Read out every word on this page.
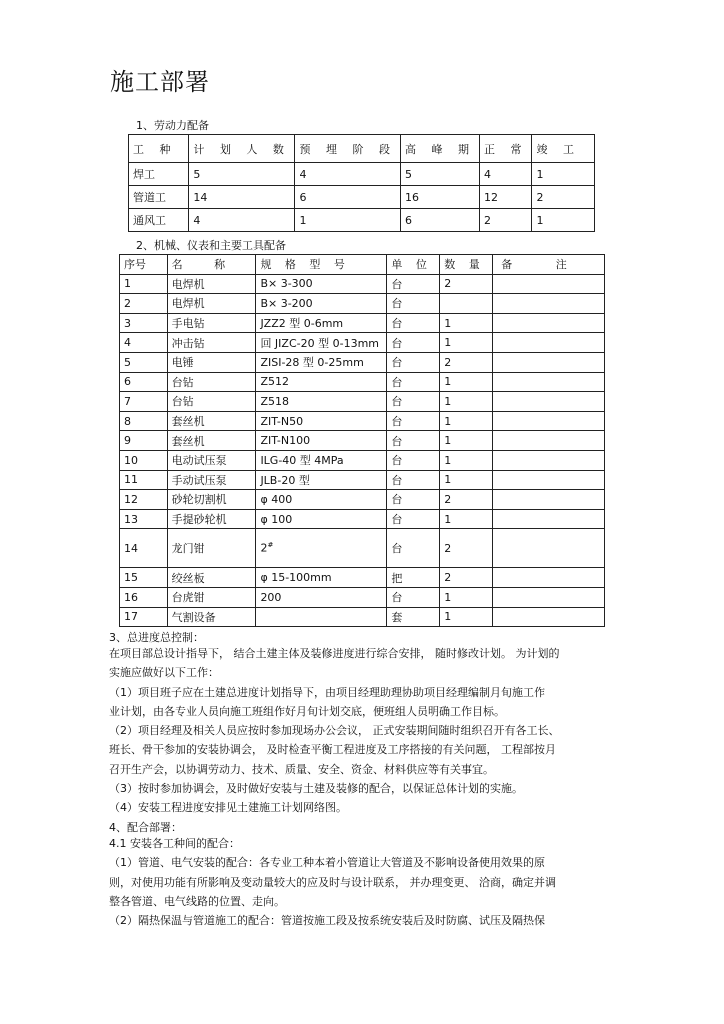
施工部署
1、劳动力配备
工 种	计 划 人 数	预 埋 阶 段	高 峰 期	正 常	竣 工
焊工	5	4	5	4	1
管道工	14	6	16	12	2
通风工	4	1	6	2	1
2、机械、仪表和主要工具配备
序号	名 称	规 格 型 号	单 位	数 量	备 注
1	电焊机	B× 3-300	台	2	
2	电焊机	B× 3-200	台		
3	手电钻	JZZ2 型 0-6mm	台	1	
4	冲击钻	回 JIZC-20 型 0-13mm	台	1	
5	电锤	ZISI-28 型 0-25mm	台	2	
6	台钻	Z512	台	1	
7	台钻	Z518	台	1	
8	套丝机	ZIT-N50	台	1	
9	套丝机	ZIT-N100	台	1	
10	电动试压泵	ILG-40 型 4MPa	台	1	
11	手动试压泵	JLB-20 型	台	1	
12	砂轮切割机	φ 400	台	2	
13	手提砂轮机	φ 100	台	1	
14	龙门钳	2#	台	2	
15	绞丝板	φ 15-100mm	把	2	
16	台虎钳	200	台	1	
17	气割设备		套	1	
3、总进度总控制：

在项目部总设计指导下， 结合土建主体及装修进度进行综合安排， 随时修改计划。 为计划的

实施应做好以下工作：

（1）项目班子应在土建总进度计划指导下，由项目经理助理协助项目经理编制月旬施工作

业计划，由各专业人员向施工班组作好月旬计划交底，便班组人员明确工作目标。

（2）项目经理及相关人员应按时参加现场办公会议， 正式安装期间随时组织召开有各工长、

班长、骨干参加的安装协调会， 及时检查平衡工程进度及工序搭接的有关问题， 工程部按月

召开生产会，以协调劳动力、技术、质量、安全、资金、材料供应等有关事宜。

（3）按时参加协调会，及时做好安装与土建及装修的配合，以保证总体计划的实施。

（4）安装工程进度安排见土建施工计划网络图。

4、配合部署：

4.1 安装各工种间的配合：

（1）管道、电气安装的配合：各专业工种本着小管道让大管道及不影响设备使用效果的原

则，对使用功能有所影响及变动量较大的应及时与设计联系， 并办理变更、 洽商，确定并调

整各管道、电气线路的位置、走向。

（2）隔热保温与管道施工的配合：管道按施工段及按系统安装后及时防腐、试压及隔热保
